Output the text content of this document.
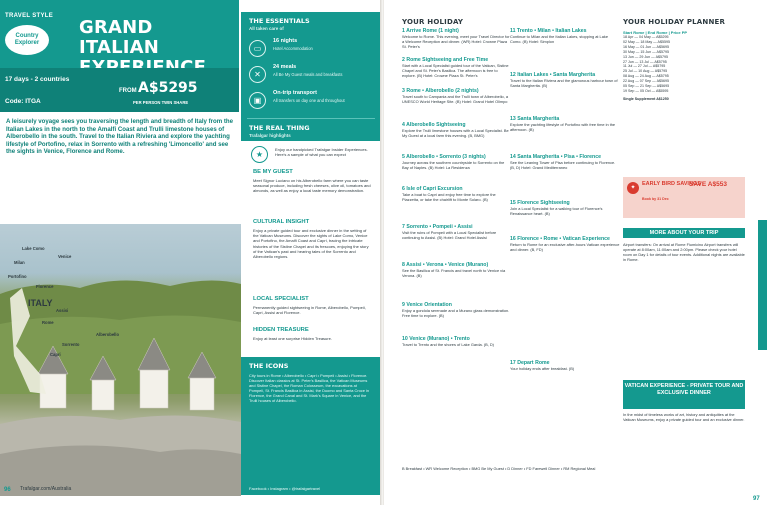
TRAVEL STYLE
Country Explorer
GRAND ITALIAN
17 days - 2 countries
Code: ITGA
FROM A$5295
PER PERSON TWIN SHARE
A leisurely voyage sees you traversing the length and breadth of Italy from the Italian Lakes in the north to the Amalfi Coast and Trulli limestone houses of Alberobello in the south. Travel to the Italian Riviera and explore the yachting lifestyle of Portofino, relax in Sorrento with a refreshing 'Limoncello' and see the sights in Venice, Florence and Rome.
ITALY
Lake Como
Venice
Milan
Portofino
Florence
Rome
Assisi
Sorrento
Alberobello
Capri
96 Trafalgar.com/Australia
THE ESSENTIALS
All taken care of
▭
16 nights
Hotel Accommodation
✕
24 meals
All Be My Guest meals and breakfasts
▣
On-trip transport
All transfers on day one and throughout
THE REAL THING
Trafalgar highlights
★
Enjoy our handpicked Trafalgar Insider Experiences. Here's a sample of what you can expect
BE MY GUEST
Meet Signor Luciano on his Alberobello farm where you can taste seasonal produce, including fresh cheeses, olive oil, tomatoes and almonds, as well as enjoy a local taste memory demonstration.
CULTURAL INSIGHT
Enjoy a private guided tour and exclusive dinner in the setting of the Vatican Museums. Discover the sights of Lake Como, Venice and Portofino, the Amalfi Coast and Capri, tracing the intricate histories of the Sistine Chapel and its frescoes, enjoying the story of the Vatican's past and hearing tales of the Sorrento and Alberobello regions.
LOCAL SPECIALIST
Permanently guided sightseeing in Rome, Alberobello, Pompeii, Capri, Assisi and Florence.
HIDDEN TREASURE
Enjoy at least one surprise Hidden Treasure.
THE ICONS
City tours in Rome • Alberobello • Capri • Pompeii • Assisi • Florence. Discover Italian classics at St. Peter's Basilica, the Vatican Museums and Sistine Chapel, the Roman Colosseum, the excavations at Pompeii, St. Francis Basilica in Assisi, the Duomo and Santa Croce in Florence, the Grand Canal and St. Mark's Square in Venice, and the Trulli houses of Alberobello.
Facebook • Instagram • @trafalgartravel
YOUR HOLIDAY
1 Arrive Rome (1 night)
Welcome to Rome. This evening, meet your Travel Director for a Welcome Reception and dinner. (WR) Hotel: Crowne Plaza St. Peter's
2 Rome Sightseeing and Free Time
Start with a Local Specialist guided tour of the Vatican, Sistine Chapel and St. Peter's Basilica. The afternoon is free to explore. (B) Hotel: Crowne Plaza St. Peter's
3 Rome • Alberobello (2 nights)
Travel south to Campania and the Trulli town of Alberobello, a UNESCO World Heritage Site. (B) Hotel: Grand Hotel Olimpo
4 Alberobello Sightseeing
Explore the Trulli limestone houses with a Local Specialist. Be My Guest at a local farm this evening. (B, BMG)
5 Alberobello • Sorrento (3 nights)
Journey across the southern countryside to Sorrento on the Bay of Naples. (B) Hotel: La Residenza
6 Isle of Capri Excursion
Take a boat to Capri and enjoy free time to explore the Piazzetta, or take the chairlift to Monte Solaro. (B)
7 Sorrento • Pompeii • Assisi
Visit the ruins of Pompeii with a Local Specialist before continuing to Assisi. (B) Hotel: Grand Hotel Assisi
8 Assisi • Verona • Venice (Murano)
See the Basilica of St. Francis and travel north to Venice via Verona. (B)
9 Venice Orientation
Enjoy a gondola serenade and a Murano glass demonstration. Free time to explore. (B)
10 Venice (Murano) • Trento
Travel to Trento and the shores of Lake Garda. (B, D)
11 Trento • Milan • Italian Lakes
Continue to Milan and the Italian Lakes, stopping at Lake Como. (B) Hotel: Simplon
12 Italian Lakes • Santa Margherita
Travel to the Italian Riviera and the glamorous harbour town of Santa Margherita. (B)
13 Santa Margherita
Explore the yachting lifestyle of Portofino with free time in the afternoon. (B)
14 Santa Margherita • Pisa • Florence
See the Leaning Tower of Pisa before continuing to Florence. (B, D) Hotel: Grand Mediterraneo
15 Florence Sightseeing
Join a Local Specialist for a walking tour of Florence's Renaissance heart. (B)
16 Florence • Rome • Vatican Experience
Return to Rome for an exclusive after-hours Vatican experience and dinner. (B, FD)
17 Depart Rome
Your holiday ends after breakfast. (B)
B Breakfast • WR Welcome Reception • BMG Be My Guest • D Dinner • FD Farewell Dinner • RM Regional Meal
YOUR HOLIDAY PLANNER
Start Rome | End Rome | Price PP
18 Apr — 04 May — A$5295
02 May — 18 May — A$5595
16 May — 01 Jun — A$5695
30 May — 15 Jun — A$5795
13 Jun — 29 Jun — A$5795
27 Jun — 13 Jul — A$5795
11 Jul — 27 Jul — A$5795
25 Jul — 10 Aug — A$5795
08 Aug — 24 Aug — A$5795
22 Aug — 07 Sep — A$5695
05 Sep — 21 Sep — A$5695
19 Sep — 05 Oct — A$5595
Single Supplement A$1250
✦
EARLY BIRD SAVINGS
SAVE A$553
Book by 31 Dec
MORE ABOUT YOUR TRIP
Airport transfers: On arrival at Rome Fiumicino Airport transfers will operate at 8:00am, 11:00am and 2:00pm. Please check your hotel room on Day 1 for details of tour events. Additional nights are available in Rome.
VATICAN EXPERIENCE - PRIVATE TOUR AND EXCLUSIVE DINNER
In the midst of timeless works of art, history and antiquities at the Vatican Museums, enjoy a private guided tour and an exclusive dinner.
97
